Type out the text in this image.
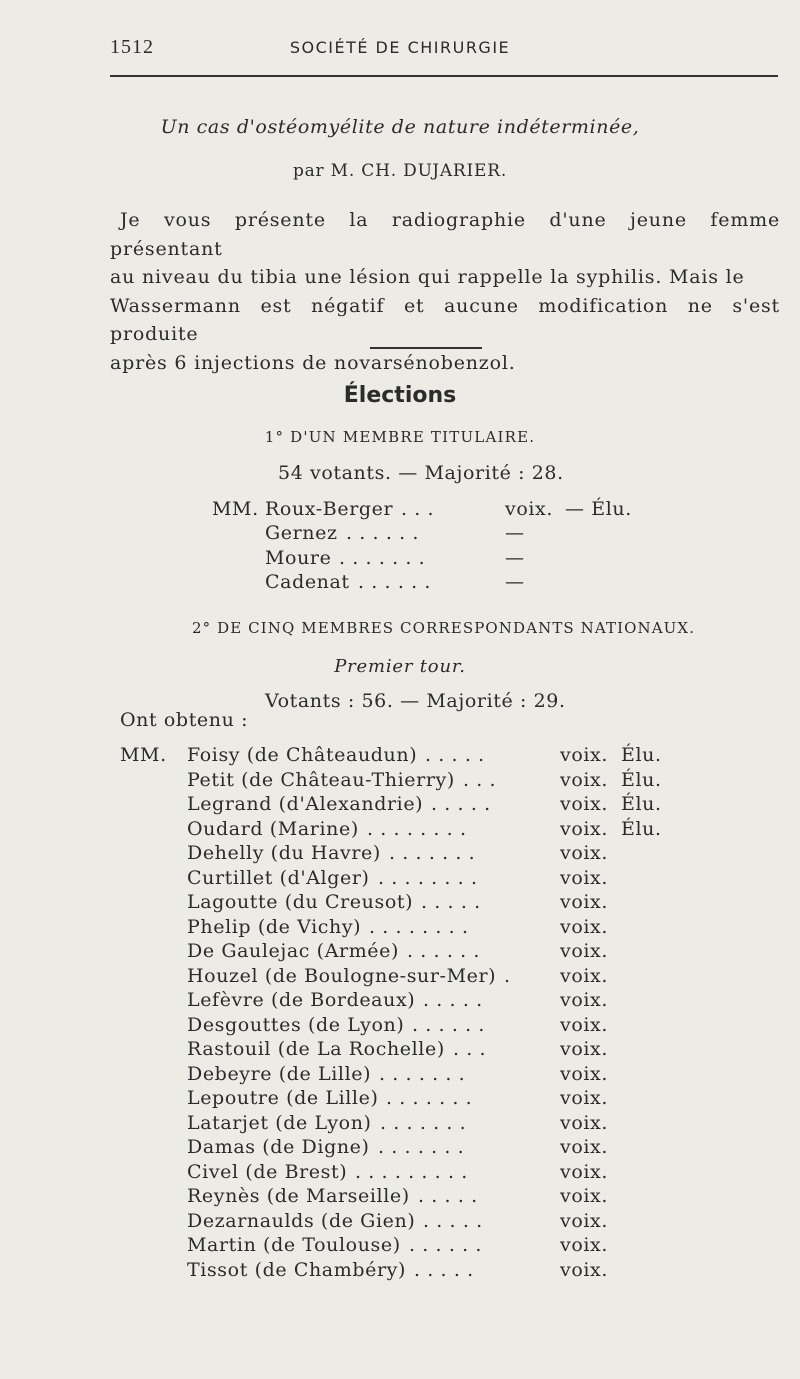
1512	SOCIÉTÉ DE CHIRURGIE
Un cas d'ostéomyélite de nature indéterminée,
par M. CH. DUJARIER.
Je vous présente la radiographie d'une jeune femme présentant
au niveau du tibia une lésion qui rappelle la syphilis. Mais le
Wassermann est négatif et aucune modification ne s'est produite
après 6 injections de novarsénobenzol.
Élections
1° D'UN MEMBRE TITULAIRE.
54 votants. — Majorité : 28.
MM. Roux-Berger . . .	voix. — Élu.
Gernez . . . . . .	—
Moure . . . . . . .	—
Cadenat . . . . . .	—
2° DE CINQ MEMBRES CORRESPONDANTS NATIONAUX.
Premier tour.
Votants : 56. — Majorité : 29.
Ont obtenu :
MM. Foisy (de Châteaudun) . . . . .	voix. Élu.
Petit (de Château-Thierry) . . .	voix. Élu.
Legrand (d'Alexandrie) . . . . .	voix. Élu.
Oudard (Marine) . . . . . . . .	voix. Élu.
Dehelly (du Havre) . . . . . . .	voix.
Curtillet (d'Alger) . . . . . . . .	voix.
Lagoutte (du Creusot) . . . . .	voix.
Phelip (de Vichy) . . . . . . . .	voix.
De Gaulejac (Armée) . . . . . .	voix.
Houzel (de Boulogne-sur-Mer) .	voix.
Lefèvre (de Bordeaux) . . . . .	voix.
Desgouttes (de Lyon) . . . . . .	voix.
Rastouil (de La Rochelle) . . .	voix.
Debeyre (de Lille) . . . . . . .	voix.
Lepoutre (de Lille) . . . . . . .	voix.
Latarjet (de Lyon) . . . . . . .	voix.
Damas (de Digne) . . . . . . .	voix.
Civel (de Brest) . . . . . . . . .	voix.
Reynès (de Marseille) . . . . .	voix.
Dezarnaulds (de Gien) . . . . .	voix.
Martin (de Toulouse) . . . . . .	voix.
Tissot (de Chambéry) . . . . .	voix.
